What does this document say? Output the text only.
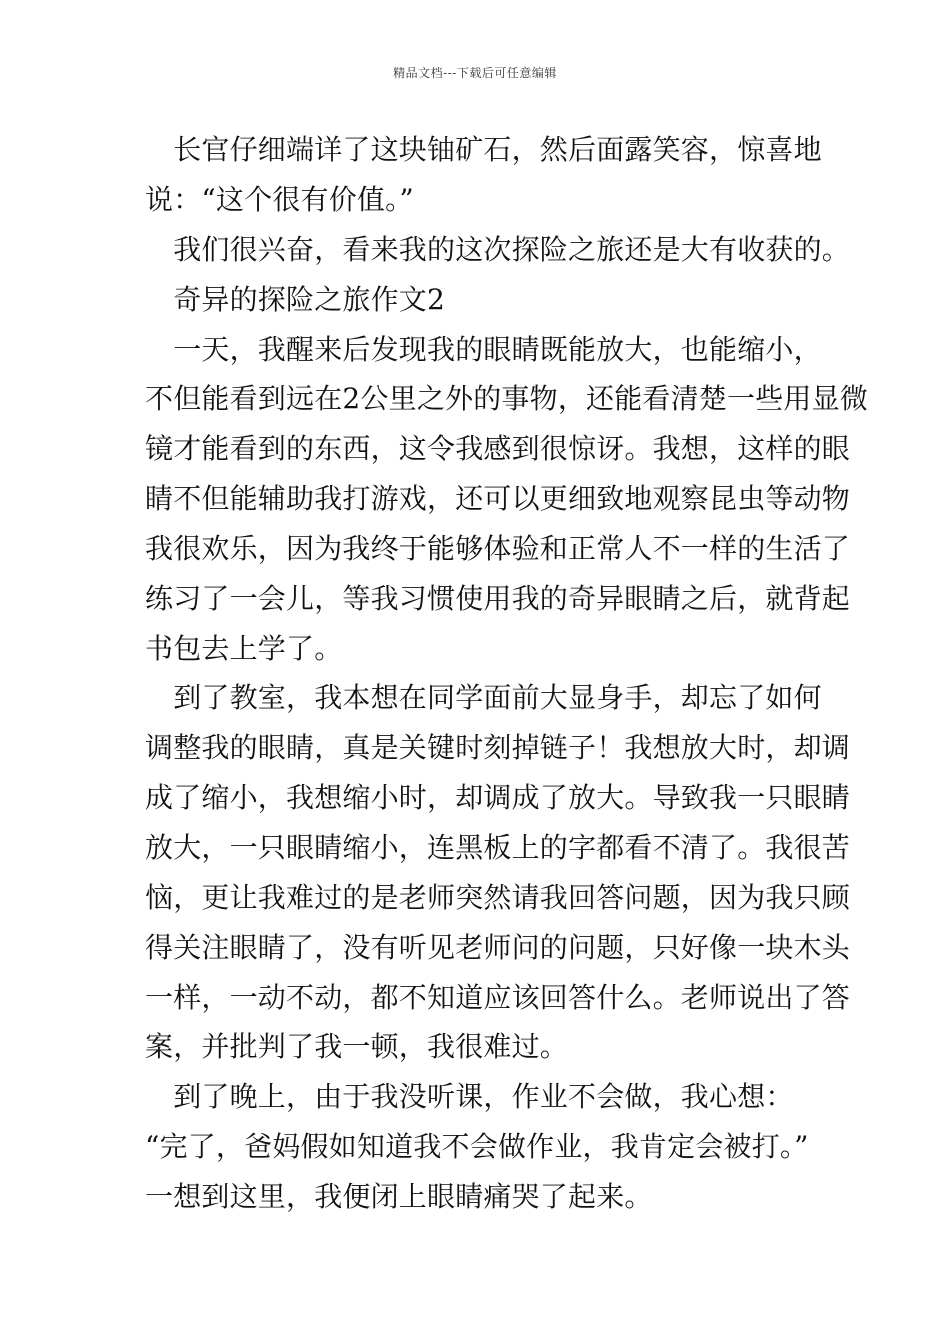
精品文档---下载后可任意编辑
　长官仔细端详了这块铀矿石，然后面露笑容，惊喜地
说：“这个很有价值。”
　我们很兴奋，看来我的这次探险之旅还是大有收获的。
　奇异的探险之旅作文2
　一天，我醒来后发现我的眼睛既能放大，也能缩小，
不但能看到远在2公里之外的事物，还能看清楚一些用显微
镜才能看到的东西，这令我感到很惊讶。我想，这样的眼
睛不但能辅助我打游戏，还可以更细致地观察昆虫等动物
我很欢乐，因为我终于能够体验和正常人不一样的生活了
练习了一会儿，等我习惯使用我的奇异眼睛之后，就背起
书包去上学了。
　到了教室，我本想在同学面前大显身手，却忘了如何
调整我的眼睛，真是关键时刻掉链子！我想放大时，却调
成了缩小，我想缩小时，却调成了放大。导致我一只眼睛
放大，一只眼睛缩小，连黑板上的字都看不清了。我很苦
恼，更让我难过的是老师突然请我回答问题，因为我只顾
得关注眼睛了，没有听见老师问的问题，只好像一块木头
一样，一动不动，都不知道应该回答什么。老师说出了答
案，并批判了我一顿，我很难过。
　到了晚上，由于我没听课，作业不会做，我心想：
“完了，爸妈假如知道我不会做作业，我肯定会被打。”
一想到这里，我便闭上眼睛痛哭了起来。
